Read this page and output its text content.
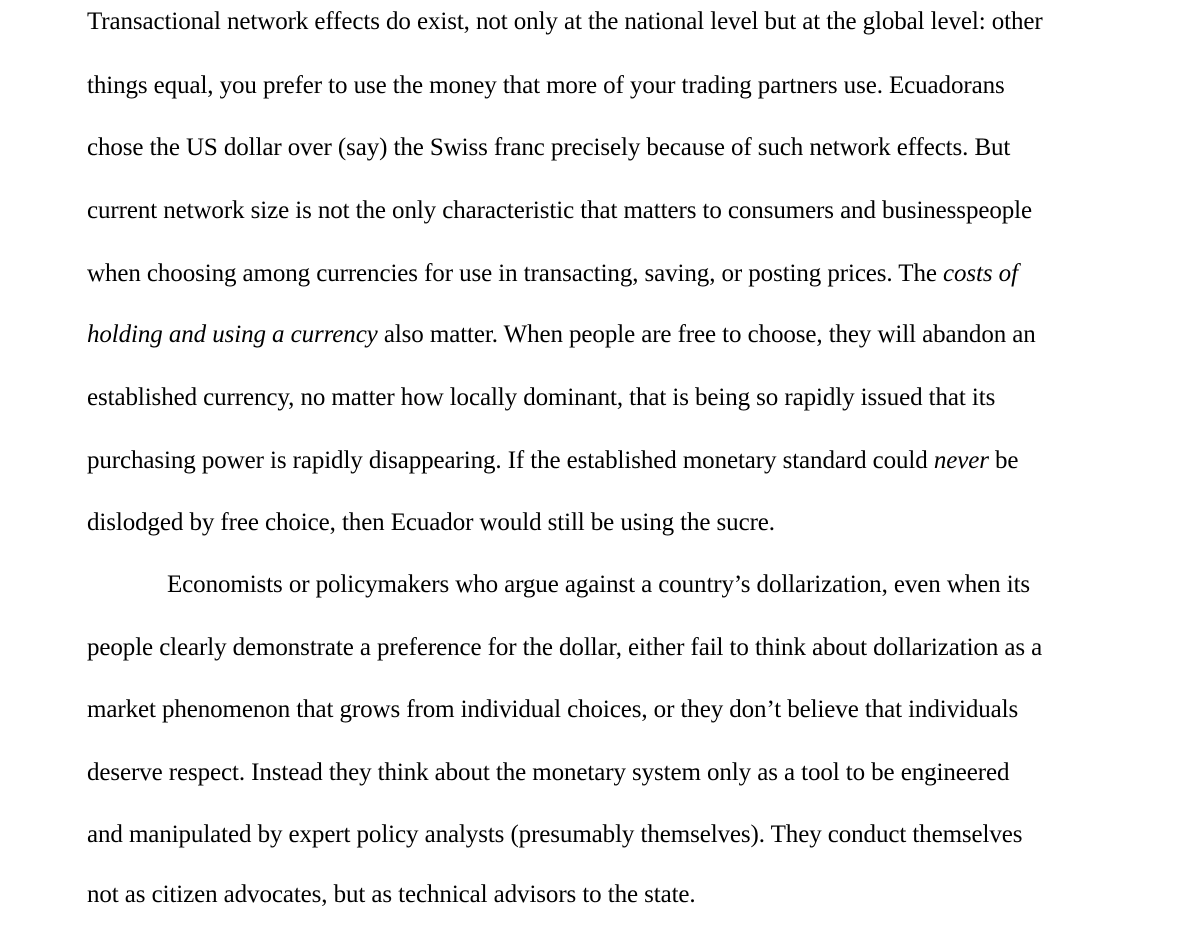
Transactional network effects do exist, not only at the national level but at the global level: other
things equal, you prefer to use the money that more of your trading partners use. Ecuadorans
chose the US dollar over (say) the Swiss franc precisely because of such network effects. But
current network size is not the only characteristic that matters to consumers and businesspeople
when choosing among currencies for use in transacting, saving, or posting prices. The costs of
holding and using a currency also matter. When people are free to choose, they will abandon an
established currency, no matter how locally dominant, that is being so rapidly issued that its
purchasing power is rapidly disappearing. If the established monetary standard could never be
dislodged by free choice, then Ecuador would still be using the sucre.
Economists or policymakers who argue against a country’s dollarization, even when its
people clearly demonstrate a preference for the dollar, either fail to think about dollarization as a
market phenomenon that grows from individual choices, or they don’t believe that individuals
deserve respect. Instead they think about the monetary system only as a tool to be engineered
and manipulated by expert policy analysts (presumably themselves). They conduct themselves
not as citizen advocates, but as technical advisors to the state.
